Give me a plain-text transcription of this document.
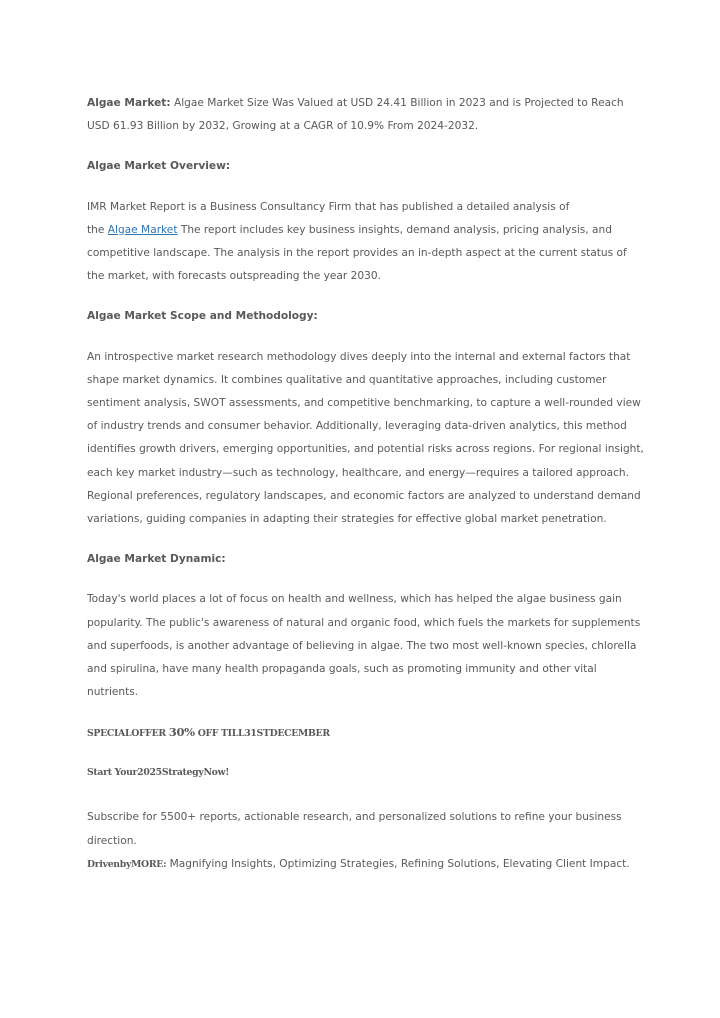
Algae Market: Algae Market Size Was Valued at USD 24.41 Billion in 2023 and is Projected to Reach
USD 61.93 Billion by 2032, Growing at a CAGR of 10.9% From 2024-2032.

Algae Market Overview:

IMR Market Report is a Business Consultancy Firm that has published a detailed analysis of
the Algae Market The report includes key business insights, demand analysis, pricing analysis, and
competitive landscape. The analysis in the report provides an in-depth aspect at the current status of
the market, with forecasts outspreading the year 2030.

Algae Market Scope and Methodology:

An introspective market research methodology dives deeply into the internal and external factors that
shape market dynamics. It combines qualitative and quantitative approaches, including customer
sentiment analysis, SWOT assessments, and competitive benchmarking, to capture a well-rounded view
of industry trends and consumer behavior. Additionally, leveraging data-driven analytics, this method
identifies growth drivers, emerging opportunities, and potential risks across regions. For regional insight,
each key market industry—such as technology, healthcare, and energy—requires a tailored approach.
Regional preferences, regulatory landscapes, and economic factors are analyzed to understand demand
variations, guiding companies in adapting their strategies for effective global market penetration.

Algae Market Dynamic:

Today's world places a lot of focus on health and wellness, which has helped the algae business gain
popularity. The public's awareness of natural and organic food, which fuels the markets for supplements
and superfoods, is another advantage of believing in algae. The two most well-known species, chlorella
and spirulina, have many health propaganda goals, such as promoting immunity and other vital
nutrients.

SPECIALOFFER 30% OFF TILL31STDECEMBER

Start Your2025StrategyNow!

Subscribe for 5500+ reports, actionable research, and personalized solutions to refine your business
direction.
DrivenbyMORE: Magnifying Insights, Optimizing Strategies, Refining Solutions, Elevating Client Impact.
